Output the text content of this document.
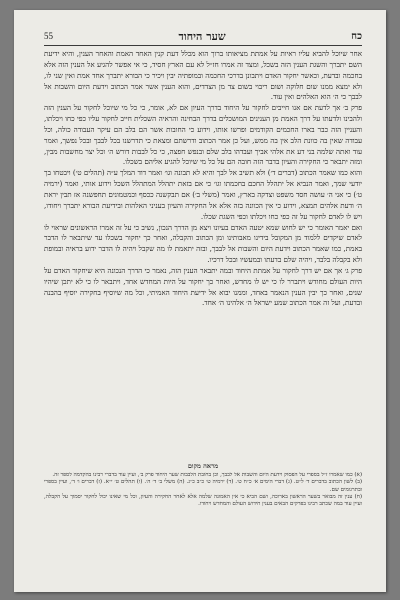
55	שער היחוד	כח

אחר שיוכל להביא עליו ראיות על אמתת מציאותו ברוך הוא מכלל דעת קנין האחד האמת והאחר הענין, והיא ידיעת השם יתברך והשגת הענין הזה בשכל, ומצד זה אמרו חז״ל לא עם הארץ חסיד, כי אי אפשר להגיע אל הענין הזה אלא בחכמה ובדעת, וכאשר יחקור האדם ויתבונן בדרכי החכמה ובמופתיה יבין ויכיר כי הבורא יתברך אחד אמת ואין שני לו, ולא ימצא ממנו שום חלוקה ושום ריבוי בשום צד מן הצדדים, והוא הענין אשר אמר הכתוב וידעת היום והשבות אל לבבך כי ה׳ הוא האלהים ואין עוד.

פרק ב׳ אך לדעת אם אנו חייבים לחקור על היחוד בדרך העיון אם לא, אומר, כי כל מי שיוכל לחקור על הענין הזה ולהבינו ולדעתו על דרך האמת מן הענינים המושכלים בדרך הבחינה והראיה השכלית חייב לחקור עליו כפי כחו ויכלתו, והעניין הזה כבר בארו החכמים הקודמים ופרשו אותו, וידוע כי החובות אשר הם בלב הם עיקר העבודה כולה, וכל עבודה שאין בה כוונת הלב אין בה ממש, ועל כן אמר הכתוב ודרשתם ומצאת כי תדרשנו בכל לבבך ובכל נפשך, ואמר עוד ואתה שלמה בני דע את אלהי אביך ועבדהו בלב שלם ובנפש חפצה, כי כל לבבות דורש ה׳ וכל יצר מחשבות מבין, ומזה יתבאר כי החקירה והעיון בדבר הזה חובה הם על כל מי שיוכל להגיע אליהם בשכלו.

והוא כמו שאמר הכתוב (דברים ד׳) ולא תשיב אל לבך והיא לא תבונה וגו׳ ואמר דוד המלך ע״ה (תהלים ט׳) ויבטחו בך יודעי שמך, ואמר הנביא אל יתהלל החכם בחכמתו וגו׳ כי אם בזאת יתהלל המתהלל השכל וידוע אותי, ואמר (ירמיה ט׳) כי אני ה׳ עושה חסד משפט וצדקה בארץ, ואמר (משלי ב׳) אם תבקשנה ככסף וכמטמונים תחפשנה אז תבין יראת ה׳ ודעת אלהים תמצא, וידוע כי אין הכוונה בזה אלא אל החקירה והעיון בעניני האלהות ובידיעת הבורא יתברך ויחודו, ויש לו לאדם לחקור על זה כפי כחו ויכלתו וכפי השגת שכלו.

ואם יאמר האומר כי יש לחוש שמא יטעה האדם בעיונו ויצא מן הדרך הנכון, נשיב כי על זה אמרו הראשונים שראוי לו לאדם שיקדים ללמוד מן המקובל בידינו מאבותינו ומן הכתוב והקבלה, ואחר כך יחקור בשכלו עד שיתבאר לו הדבר באמת, כמו שאמר הכתוב וידעת היום והשבות אל לבבך, ובזה יתאמת לו מה שקבל ויהיה לו הדבר ידוע בראיה ובמופת ולא בקבלה בלבד, ויהיה שלם בדעתו ובמעשיו ובכל דרכיו.

פרק ג׳ אך אם יש דרך לחקור על אמתת היחוד ובמה יתבאר הענין הזה, נאמר כי הדרך הנכונה היא שיחקור האדם על היות העולם מחודש ויתברר לו כי יש לו מחדש, ואחר כך יחקור על היות המחדש אחד, ויתבאר לו כי לא יתכן שיהיו שנים, ואחר כך יבין הענין הנאמר באחד, וממנו יבוא אל ידיעת היחוד האמיתי, וכל מה שיוסיף בחקירה יוסיף בהבנה ובדעת, ועל זה אמר הכתוב שמע ישראל ה׳ אלהינו ה׳ אחד.

מראה מקום

(א) כמו שאמרו ז״ל בספרי על הפסוק וידעת היום והשבות אל לבבך, וכן בחובת הלבבות שער היחוד פרק ב׳, ועיין עוד בדברי רבינו בהקדמה לספר זה.

(ב) לשון הכתוב בדברים ד׳ ל״ט. (ג) דברי הימים א׳ כ״ח ט׳. (ד) ירמיה ט׳ כ״ב כ״ג. (ה) משלי ב׳ ד׳ ה׳. (ו) תהלים ט׳ י״א. (ז) דברים ו׳ ד׳, ועיין בספרי ובתרגומים שם.

(ח) ענין זה מבואר בשער הראשון בארוכה, ושם הביא כי אין האמונה שלמה אלא לאחר החקירה והעיון, וכל מי שאינו יכול לחקור יסמוך על הקבלה, ועיין עוד במה שכתב רבינו בפרקים הבאים בענין חידוש העולם והמחדש ויחודו.
